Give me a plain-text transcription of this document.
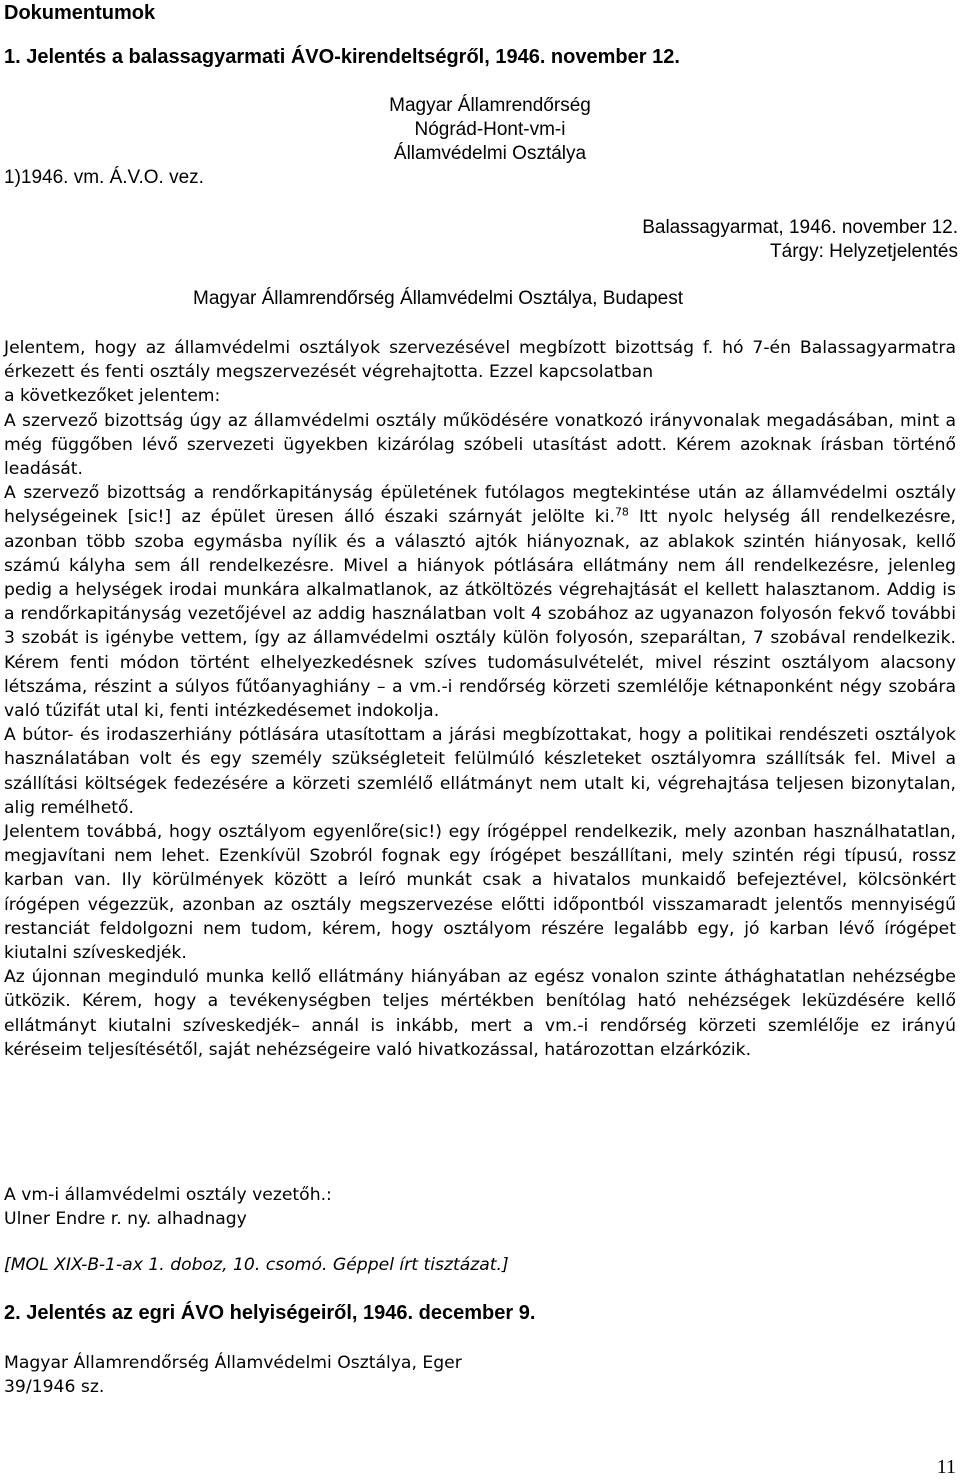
Dokumentumok
1. Jelentés a balassagyarmati ÁVO-kirendeltségről, 1946. november 12.
Magyar Államrendőrség
Nógrád-Hont-vm-i
Államvédelmi Osztálya
1)1946. vm. Á.V.O. vez.
Balassagyarmat, 1946. november 12.
Tárgy: Helyzetjelentés
Magyar Államrendőrség Államvédelmi Osztálya, Budapest

Jelentem, hogy az államvédelmi osztályok szervezésével megbízott bizottság f. hó 7-én Balassagyarmatra érkezett és fenti osztály megszervezését végrehajtotta. Ezzel kapcsolatban

a következőket jelentem:

A szervező bizottság úgy az államvédelmi osztály működésére vonatkozó irányvonalak megadásában, mint a még függőben lévő szervezeti ügyekben kizárólag szóbeli utasítást adott. Kérem azoknak írásban történő leadását.

A szervező bizottság a rendőrkapitányság épületének futólagos megtekintése után az államvédelmi osztály helységeinek [sic!] az épület üresen álló északi szárnyát jelölte ki.$^{78}$ Itt nyolc helység áll rendelkezésre, azonban több szoba egymásba nyílik és a választó ajtók hiányoznak, az ablakok szintén hiányosak, kellő számú kályha sem áll rendelkezésre. Mivel a hiányok pótlására ellátmány nem áll rendelkezésre, jelenleg pedig a helységek irodai munkára alkalmatlanok, az átköltözés végrehajtását el kellett halasztanom. Addig is a rendőrkapitányság vezetőjével az addig használatban volt 4 szobához az ugyanazon folyosón fekvő további 3 szobát is igénybe vettem, így az államvédelmi osztály külön folyosón, szeparáltan, 7 szobával rendelkezik. Kérem fenti módon történt elhelyezkedésnek szíves tudomásulvételét, mivel részint osztályom alacsony létszáma, részint a súlyos fűtőanyaghiány – a vm.-i rendőrség körzeti szemlélője kétnaponként négy szobára való tűzifát utal ki, fenti intézkedésemet indokolja.

A bútor- és irodaszerhiány pótlására utasítottam a járási megbízottakat, hogy a politikai rendészeti osztályok használatában volt és egy személy szükségleteit felülmúló készleteket osztályomra szállítsák fel. Mivel a szállítási költségek fedezésére a körzeti szemlélő ellátmányt nem utalt ki, végrehajtása teljesen bizonytalan, alig remélhető.

Jelentem továbbá, hogy osztályom egyenlőre(sic!) egy írógéppel rendelkezik, mely azonban használhatatlan, megjavítani nem lehet. Ezenkívül Szobról fognak egy írógépet beszállítani, mely szintén régi típusú, rossz karban van. Ily körülmények között a leíró munkát csak a hivatalos munkaidő befejeztével, kölcsönkért írógépen végezzük, azonban az osztály megszervezése előtti időpontból visszamaradt jelentős mennyiségű restanciát feldolgozni nem tudom, kérem, hogy osztályom részére legalább egy, jó karban lévő írógépet kiutalni szíveskedjék.

Az újonnan meginduló munka kellő ellátmány hiányában az egész vonalon szinte áthághatatlan nehézségbe ütközik. Kérem, hogy a tevékenységben teljes mértékben benítólag ható nehézségek leküzdésére kellő ellátmányt kiutalni szíveskedjék– annál is inkább, mert a vm.-i rendőrség körzeti szemlélője ez irányú kéréseim teljesítésétől, saját nehézségeire való hivatkozással, határozottan elzárkózik.

A vm-i államvédelmi osztály vezetőh.:
Ulner Endre r. ny. alhadnagy
[MOL XIX-B-1-ax 1. doboz, 10. csomó. Géppel írt tisztázat.]
2. Jelentés az egri ÁVO helyiségeiről, 1946. december 9.
Magyar Államrendőrség Államvédelmi Osztálya, Eger
39/1946 sz.
11
